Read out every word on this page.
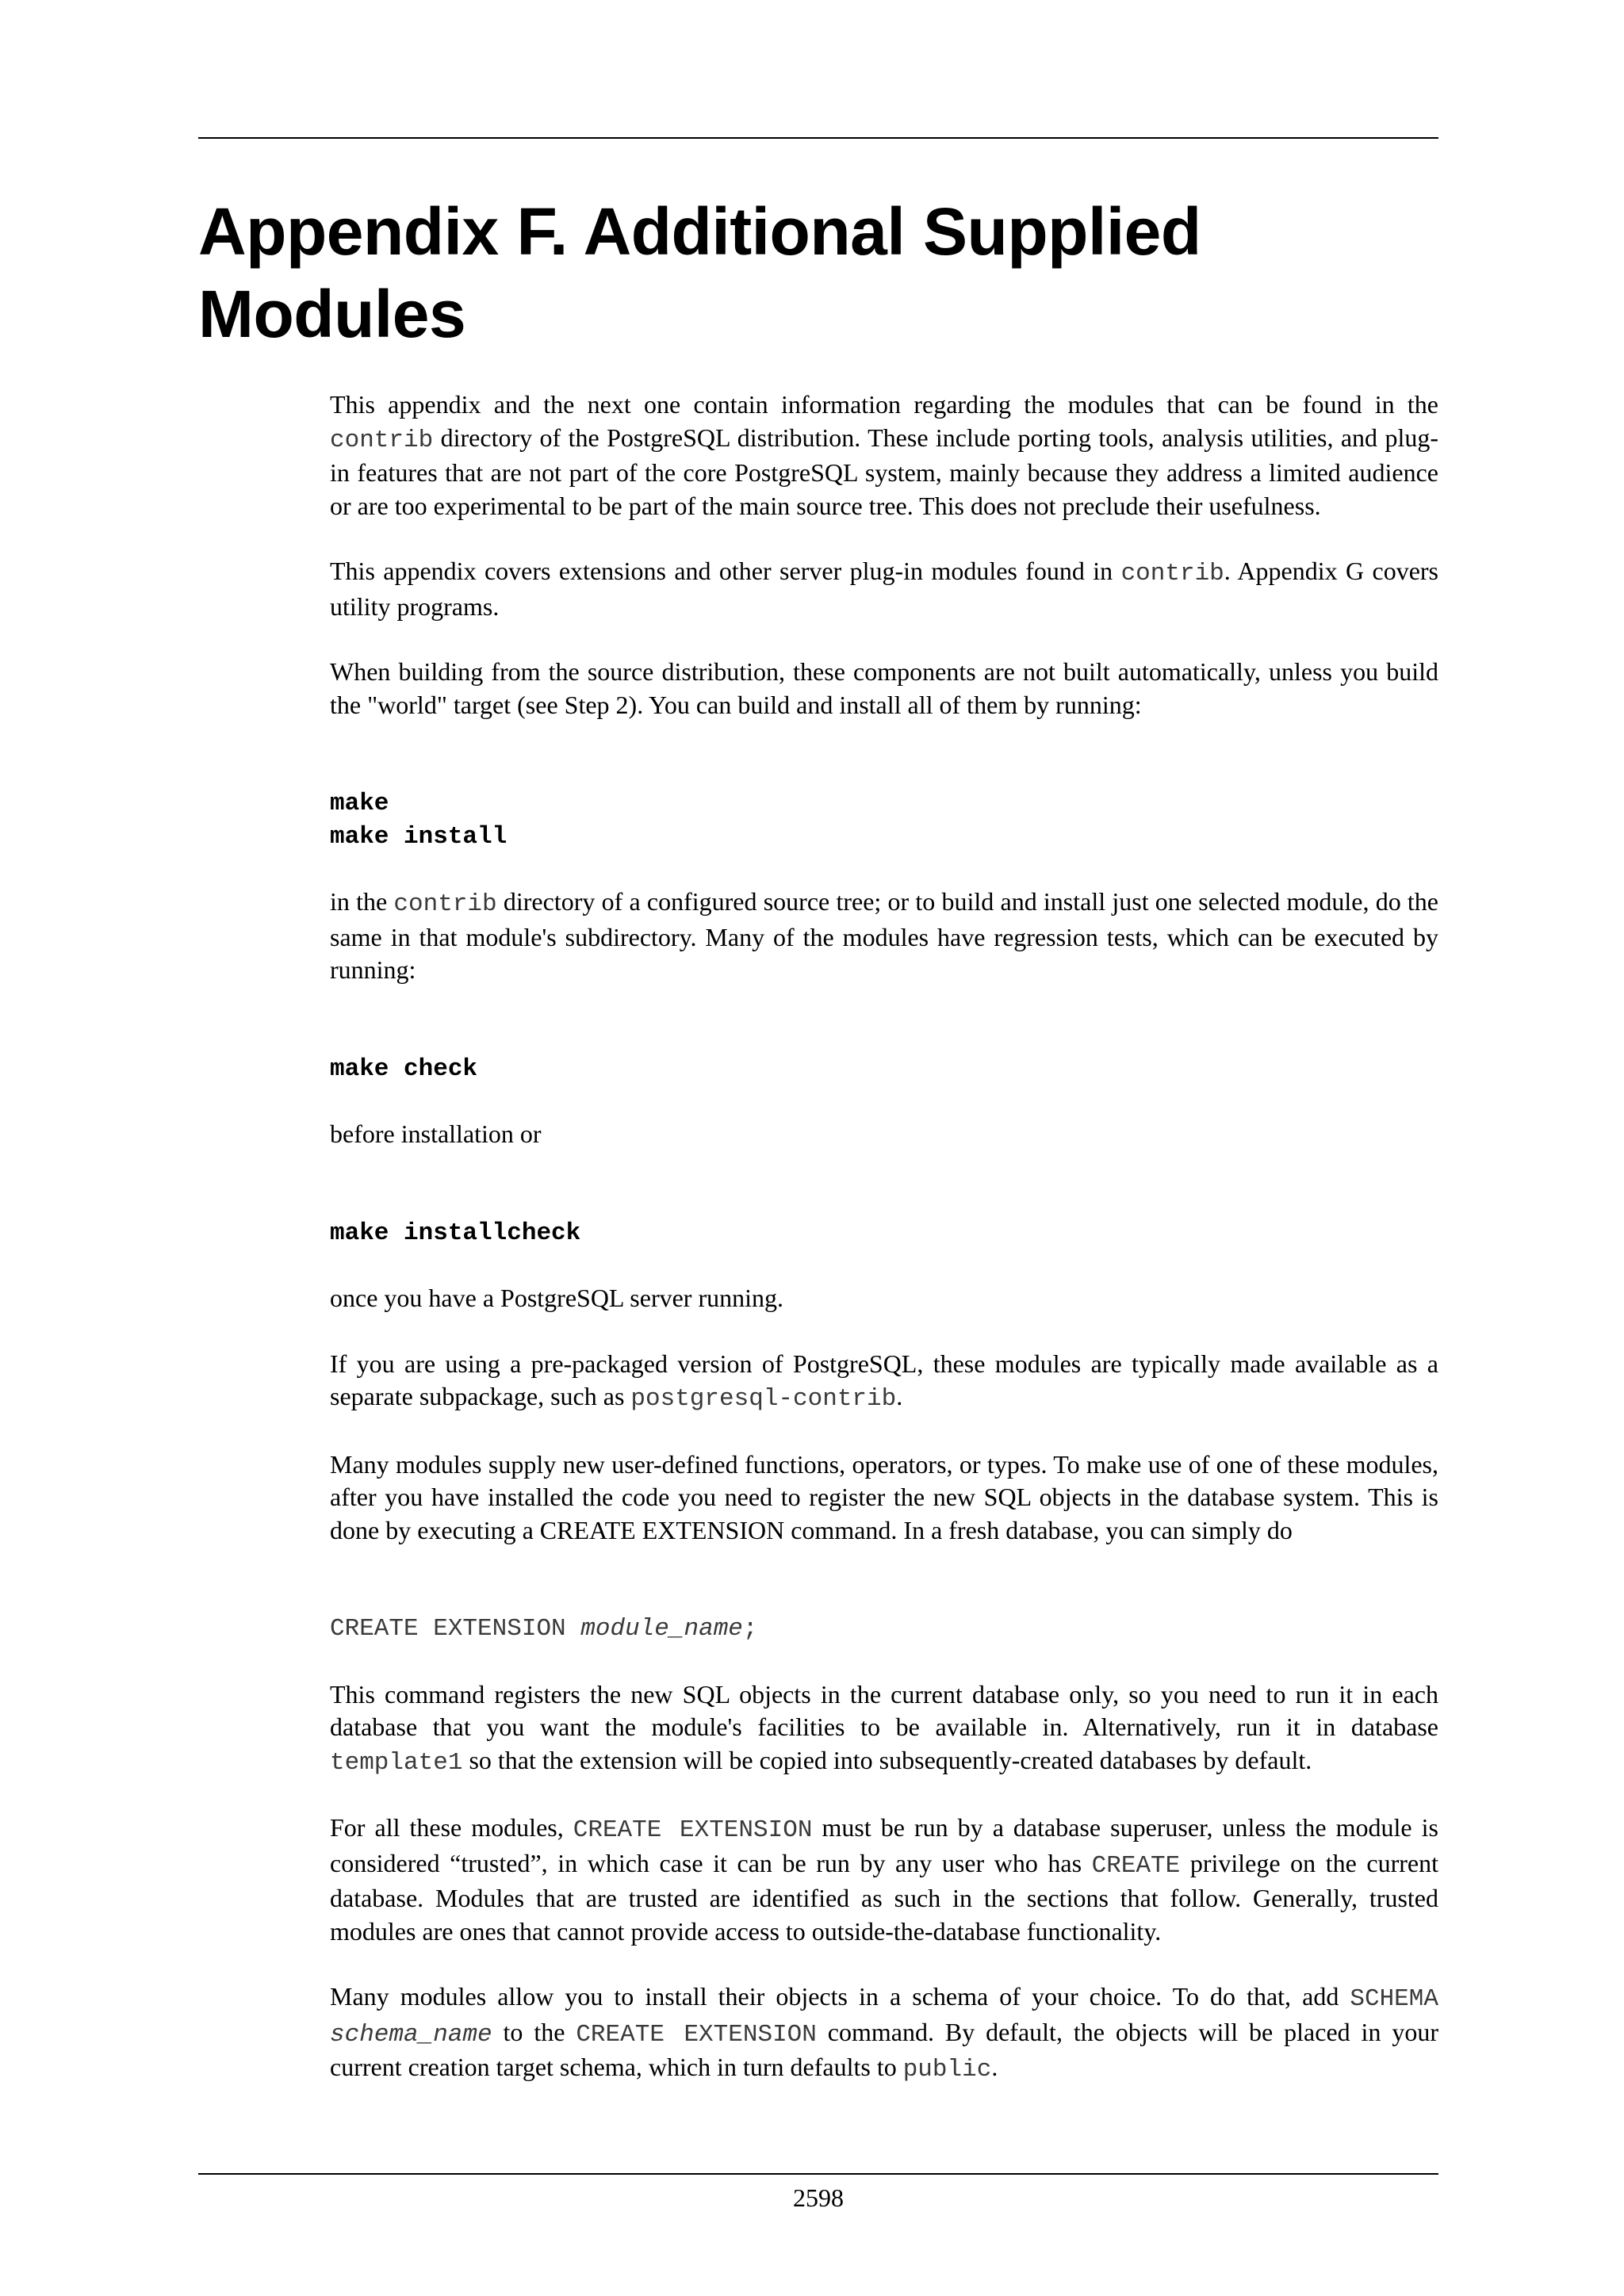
Appendix F. Additional Supplied Modules

This appendix and the next one contain information regarding the modules that can be found in the contrib directory of the PostgreSQL distribution. These include porting tools, analysis utilities, and plug-in features that are not part of the core PostgreSQL system, mainly because they address a limited audience or are too experimental to be part of the main source tree. This does not preclude their usefulness.

This appendix covers extensions and other server plug-in modules found in contrib. Appendix G covers utility programs.

When building from the source distribution, these components are not built automatically, unless you build the "world" target (see Step 2). You can build and install all of them by running:

make
make install

in the contrib directory of a configured source tree; or to build and install just one selected module, do the same in that module's subdirectory. Many of the modules have regression tests, which can be executed by running:

make check

before installation or

make installcheck

once you have a PostgreSQL server running.

If you are using a pre-packaged version of PostgreSQL, these modules are typically made available as a separate subpackage, such as postgresql-contrib.

Many modules supply new user-defined functions, operators, or types. To make use of one of these modules, after you have installed the code you need to register the new SQL objects in the database system. This is done by executing a CREATE EXTENSION command. In a fresh database, you can simply do

CREATE EXTENSION module_name;

This command registers the new SQL objects in the current database only, so you need to run it in each database that you want the module's facilities to be available in. Alternatively, run it in database template1 so that the extension will be copied into subsequently-created databases by default.

For all these modules, CREATE EXTENSION must be run by a database superuser, unless the module is considered “trusted”, in which case it can be run by any user who has CREATE privilege on the current database. Modules that are trusted are identified as such in the sections that follow. Generally, trusted modules are ones that cannot provide access to outside-the-database functionality.

Many modules allow you to install their objects in a schema of your choice. To do that, add SCHEMA schema_name to the CREATE EXTENSION command. By default, the objects will be placed in your current creation target schema, which in turn defaults to public.

2598
